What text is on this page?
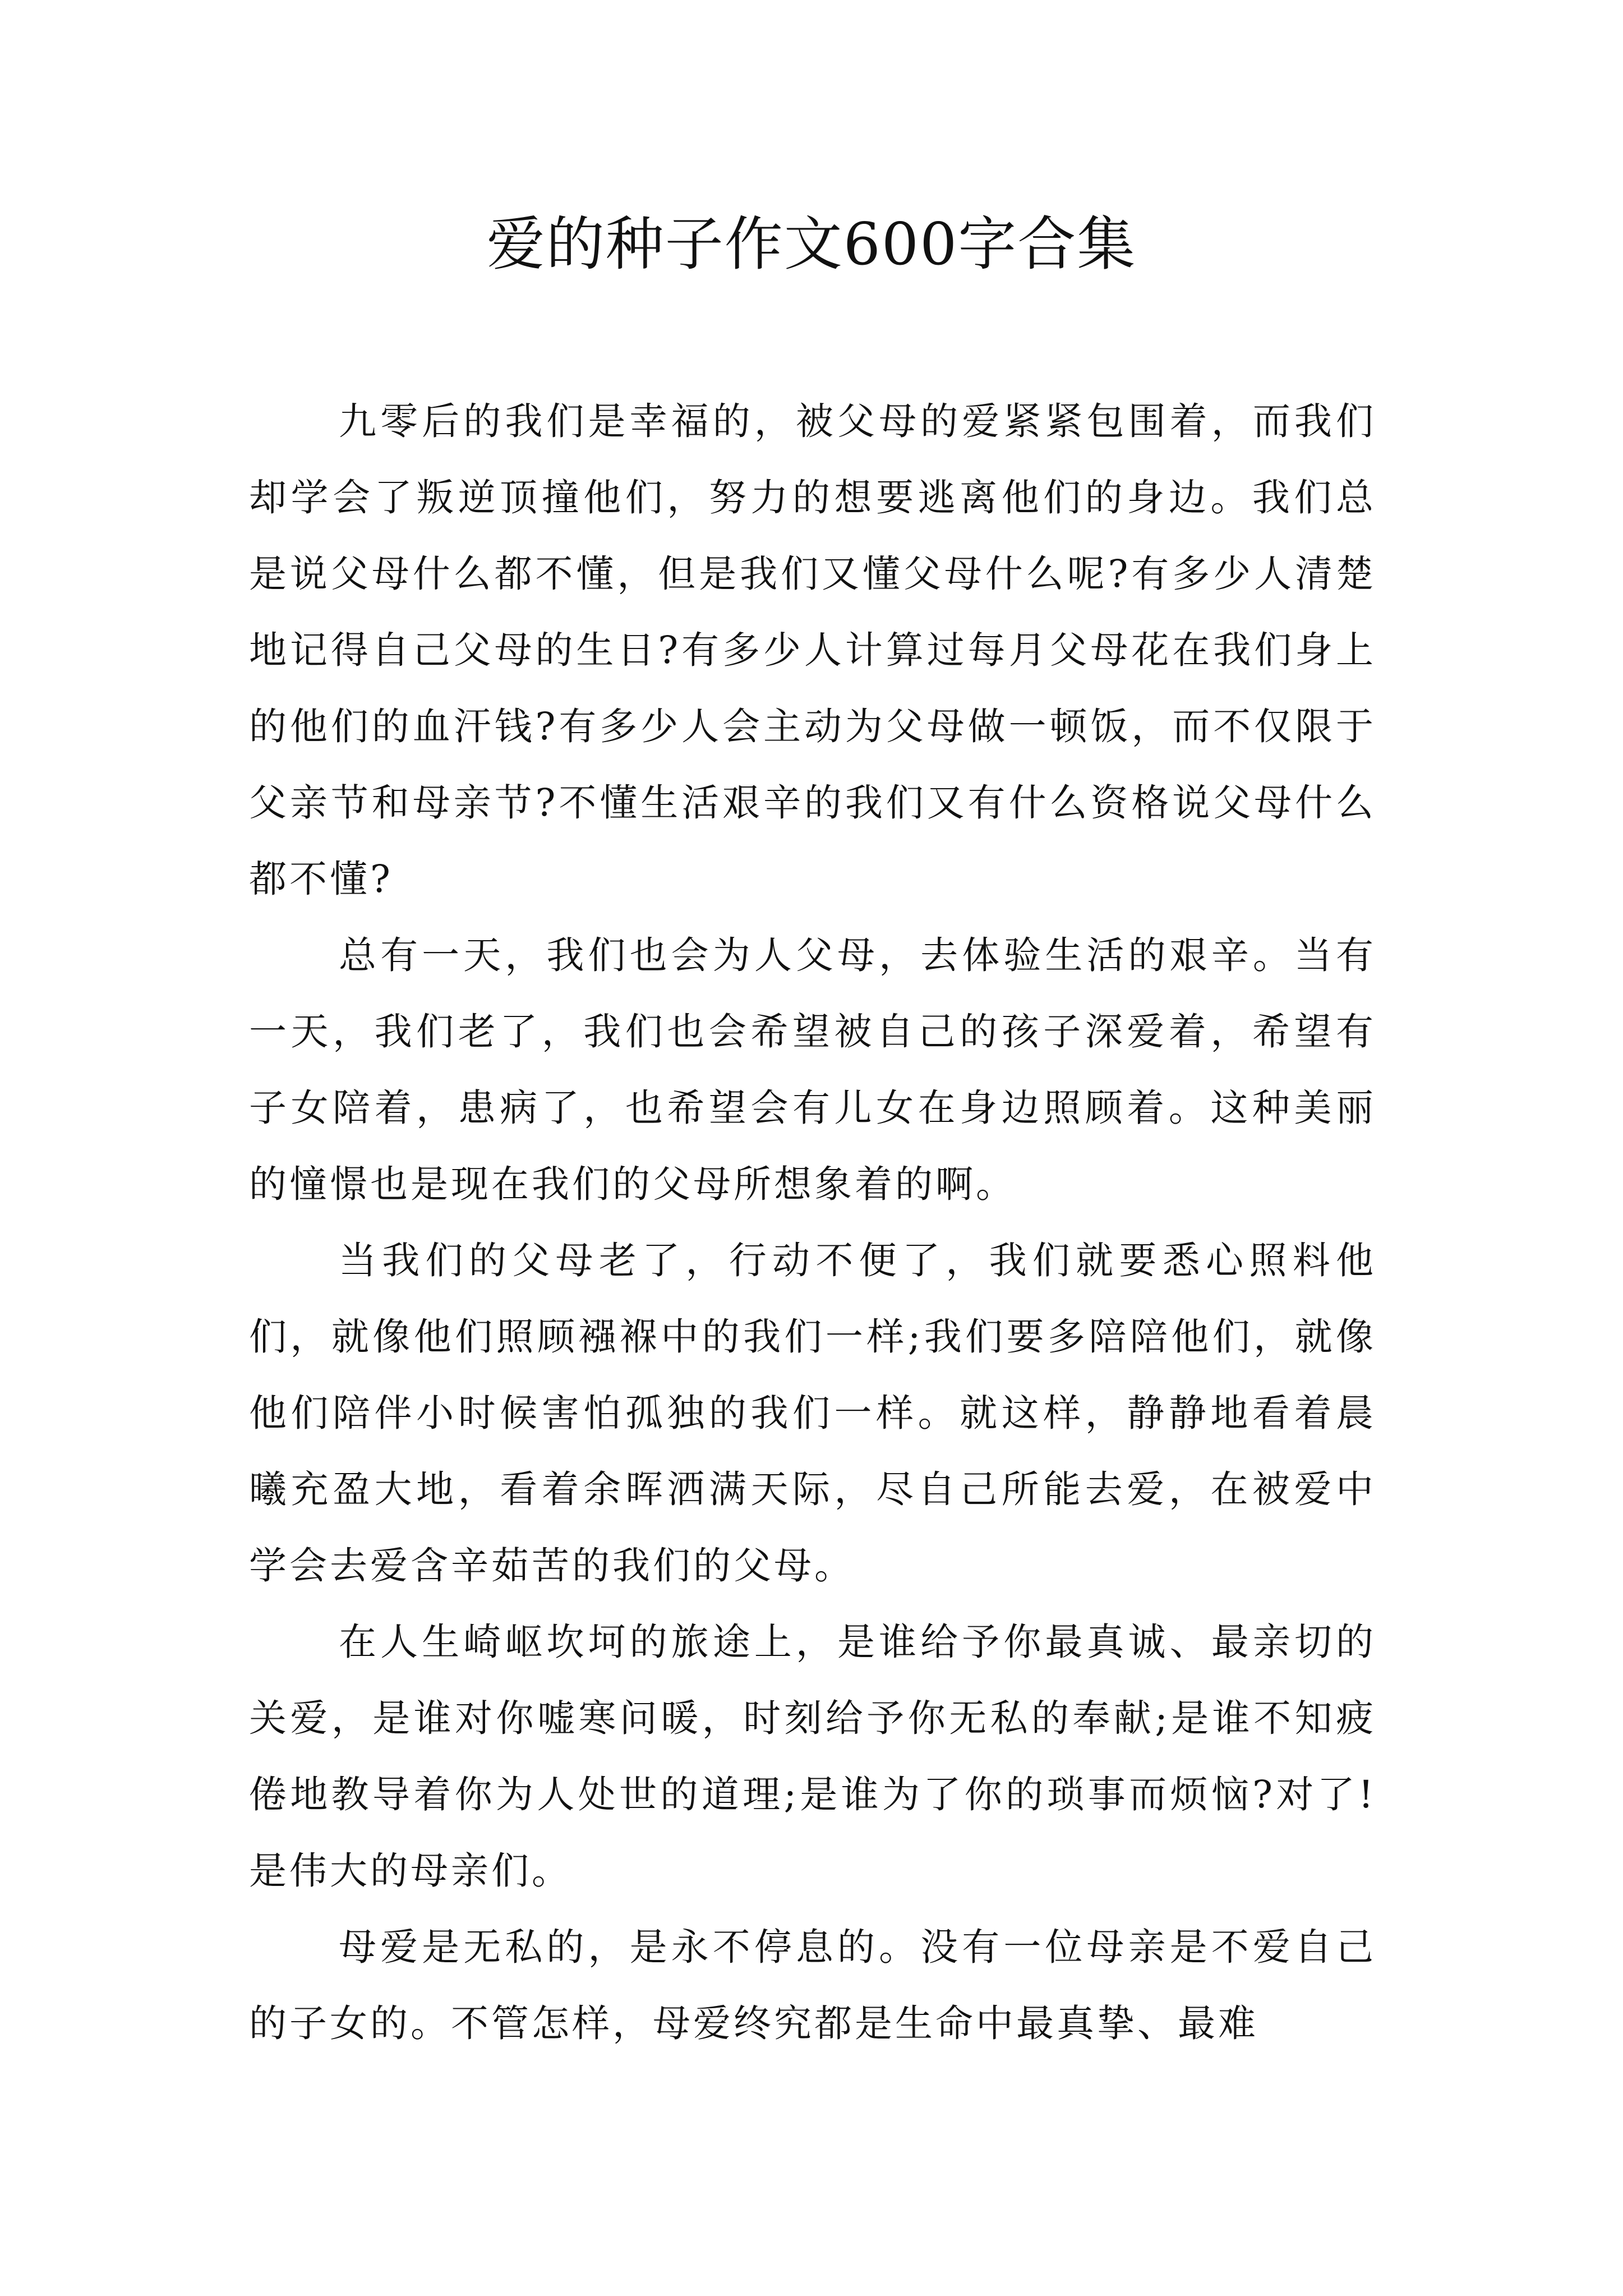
爱的种子作文600字合集

九零后的我们是幸福的，被父母的爱紧紧包围着，而我们却学会了叛逆顶撞他们，努力的想要逃离他们的身边。我们总是说父母什么都不懂，但是我们又懂父母什么呢?有多少人清楚地记得自己父母的生日?有多少人计算过每月父母花在我们身上的他们的血汗钱?有多少人会主动为父母做一顿饭，而不仅限于父亲节和母亲节?不懂生活艰辛的我们又有什么资格说父母什么都不懂?

总有一天，我们也会为人父母，去体验生活的艰辛。当有一天，我们老了，我们也会希望被自己的孩子深爱着，希望有子女陪着，患病了，也希望会有儿女在身边照顾着。这种美丽的憧憬也是现在我们的父母所想象着的啊。

当我们的父母老了，行动不便了，我们就要悉心照料他们，就像他们照顾襁褓中的我们一样;我们要多陪陪他们，就像他们陪伴小时候害怕孤独的我们一样。就这样，静静地看着晨曦充盈大地，看着余晖洒满天际，尽自己所能去爱，在被爱中学会去爱含辛茹苦的我们的父母。

在人生崎岖坎坷的旅途上，是谁给予你最真诚、最亲切的关爱，是谁对你嘘寒问暖，时刻给予你无私的奉献;是谁不知疲倦地教导着你为人处世的道理;是谁为了你的琐事而烦恼?对了!是伟大的母亲们。

母爱是无私的，是永不停息的。没有一位母亲是不爱自己的子女的。不管怎样，母爱终究都是生命中最真挚、最难
